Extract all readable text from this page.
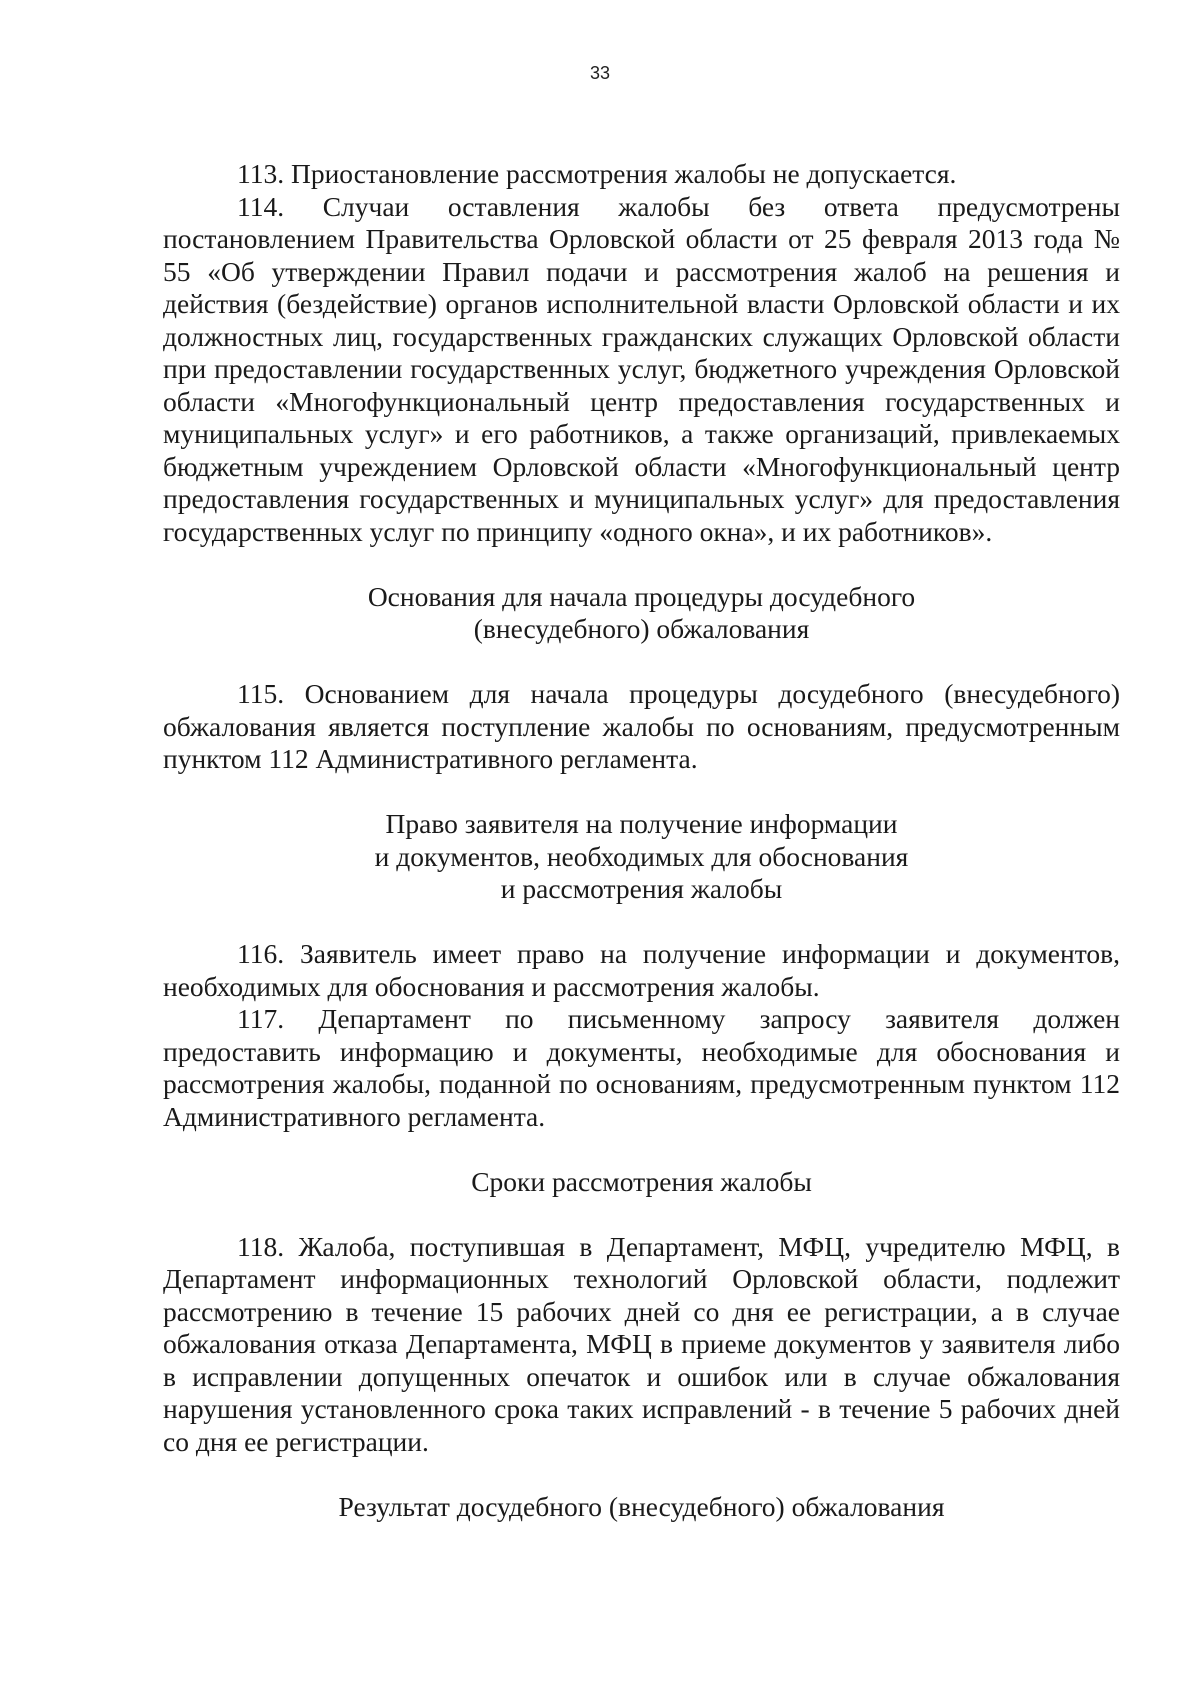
33

113. Приостановление рассмотрения жалобы не допускается.

114. Случаи оставления жалобы без ответа предусмотрены постановлением Правительства Орловской области от 25 февраля 2013 года № 55 «Об утверждении Правил подачи и рассмотрения жалоб на решения и действия (бездействие) органов исполнительной власти Орловской области и их должностных лиц, государственных гражданских служащих Орловской области при предоставлении государственных услуг, бюджетного учреждения Орловской области «Многофункциональный центр предоставления государственных и муниципальных услуг» и его работников, а также организаций, привлекаемых бюджетным учреждением Орловской области «Многофункциональный центр предоставления государственных и муниципальных услуг» для предоставления государственных услуг по принципу «одного окна», и их работников».

Основания для начала процедуры досудебного

(внесудебного) обжалования

115. Основанием для начала процедуры досудебного (внесудебного) обжалования является поступление жалобы по основаниям, предусмотренным пунктом 112 Административного регламента.

Право заявителя на получение информации

и документов, необходимых для обоснования

и рассмотрения жалобы

116. Заявитель имеет право на получение информации и документов, необходимых для обоснования и рассмотрения жалобы.

117. Департамент по письменному запросу заявителя должен предоставить информацию и документы, необходимые для обоснования и рассмотрения жалобы, поданной по основаниям, предусмотренным пунктом 112 Административного регламента.

Сроки рассмотрения жалобы

118. Жалоба, поступившая в Департамент, МФЦ, учредителю МФЦ, в Департамент информационных технологий Орловской области, подлежит рассмотрению в течение 15 рабочих дней со дня ее регистрации, а в случае обжалования отказа Департамента, МФЦ в приеме документов у заявителя либо в исправлении допущенных опечаток и ошибок или в случае обжалования нарушения установленного срока таких исправлений - в течение 5 рабочих дней со дня ее регистрации.

Результат досудебного (внесудебного) обжалования
